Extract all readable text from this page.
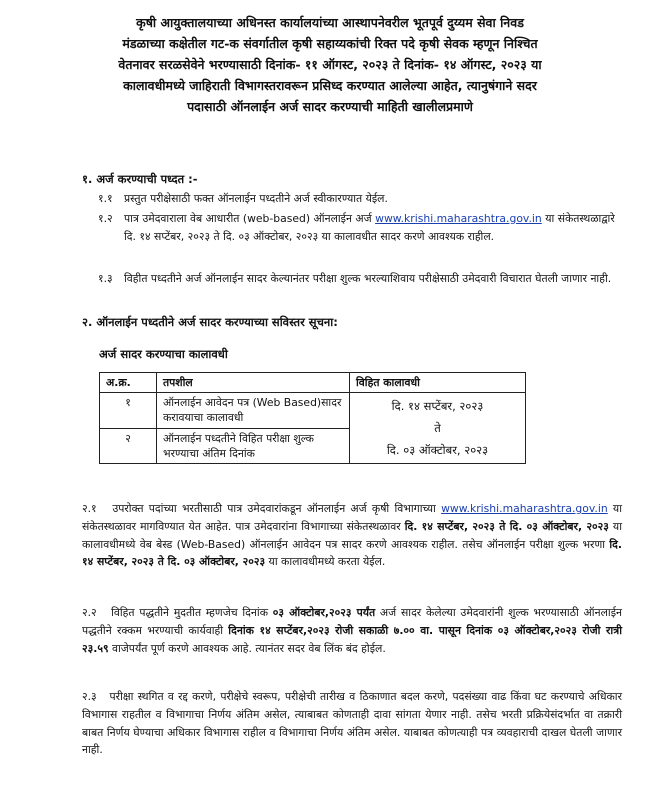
कृषी आयुक्तालयाच्या अधिनस्त कार्यालयांच्या आस्थापनेवरील भूतपूर्व दुय्यम सेवा निवड
मंडळाच्या कक्षेतील गट-क संवर्गातील कृषी सहाय्यकांची रिक्त पदे कृषी सेवक म्हणून निश्चित
वेतनावर सरळसेवेने भरण्यासाठी दिनांक- ११ ऑगस्ट, २०२३ ते दिनांक- १४ ऑगस्ट, २०२३ या
कालावधीमध्ये जाहिराती विभागस्तरावरून प्रसिध्द करण्यात आलेल्या आहेत, त्यानुषंगाने सदर
पदासाठी ऑनलाईन अर्ज सादर करण्याची माहिती खालीलप्रमाणे
१. अर्ज करण्याची पध्दत :-
१.१	प्रस्तुत परीक्षेसाठी फक्त ऑनलाईन पध्दतीने अर्ज स्वीकारण्यात येईल.
१.२	पात्र उमेदवाराला वेब आधारीत (web-based) ऑनलाईन अर्ज www.krishi.maharashtra.gov.in या संकेतस्थळाद्वारे दि. १४ सप्टेंबर, २०२३ ते दि. ०३ ऑक्टोबर, २०२३ या कालावधीत सादर करणे आवश्यक राहील.
१.३	विहीत पध्दतीने अर्ज ऑनलाईन सादर केल्यानंतर परीक्षा शुल्क भरल्याशिवाय परीक्षेसाठी उमेदवारी विचारात घेतली जाणार नाही.
२. ऑनलाईन पध्दतीने अर्ज सादर करण्याच्या सविस्तर सूचना:
अर्ज सादर करण्याचा कालावधी
अ.क्र.	तपशील	विहित कालावधी
१	ऑनलाईन आवेदन पत्र (Web Based)सादर करावयाचा कालावधी	दि. १४ सप्टेंबर, २०२३
ते
दि. ०३ ऑक्टोबर, २०२३

२	ऑनलाईन पध्दतीने विहित परीक्षा शुल्क भरण्याचा अंतिम दिनांक	

२.१ उपरोक्त पदांच्या भरतीसाठी पात्र उमेदवारांकडून ऑनलाईन अर्ज कृषी विभागाच्या www.krishi.maharashtra.gov.in या संकेतस्थळावर मागविण्यात येत आहेत. पात्र उमेदवारांना विभागाच्या संकेतस्थळावर दि. १४ सप्टेंबर, २०२३ ते दि. ०३ ऑक्टोबर, २०२३ या कालावधीमध्ये वेब बेस्ड (Web-Based) ऑनलाईन आवेदन पत्र सादर करणे आवश्यक राहील. तसेच ऑनलाईन परीक्षा शुल्क भरणा दि. १४ सप्टेंबर, २०२३ ते दि. ०३ ऑक्टोबर, २०२३ या कालावधीमध्ये करता येईल.

२.२ विहित पद्धतीने मुदतीत म्हणजेच दिनांक ०३ ऑक्टोबर,२०२३ पर्यंत अर्ज सादर केलेल्या उमेदवारांनी शुल्क भरण्यासाठी ऑनलाईन पद्धतीने रक्कम भरण्याची कार्यवाही दिनांक १४ सप्टेंबर,२०२३ रोजी सकाळी ७.०० वा. पासून दिनांक ०३ ऑक्टोबर,२०२३ रोजी रात्री २३.५९ वाजेपर्यंत पूर्ण करणे आवश्यक आहे. त्यानंतर सदर वेब लिंक बंद होईल.

२.३ परीक्षा स्थगित व रद्द करणे, परीक्षेचे स्वरूप, परीक्षेची तारीख व ठिकाणात बदल करणे, पदसंख्या वाढ किंवा घट करण्याचे अधिकार विभागास राहतील व विभागाचा निर्णय अंतिम असेल, त्याबाबत कोणताही दावा सांगता येणार नाही. तसेच भरती प्रक्रियेसंदर्भात वा तक्रारी बाबत निर्णय घेण्याचा अधिकार विभागास राहील व विभागाचा निर्णय अंतिम असेल. याबाबत कोणत्याही पत्र व्यवहाराची दाखल घेतली जाणार नाही.
